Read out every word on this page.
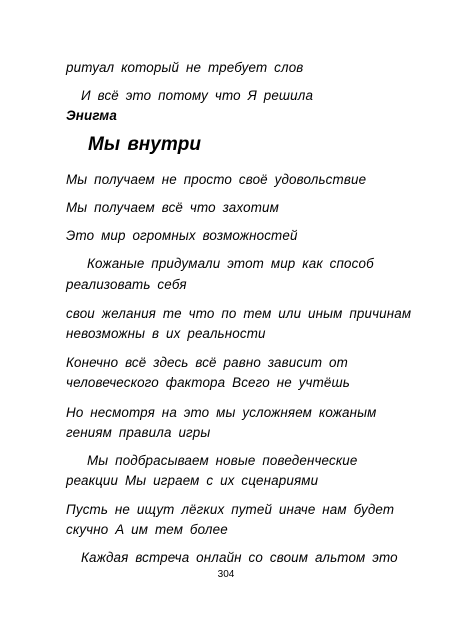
ритуал который не требует слов
И всё это потому что Я решила
Энигма
Мы внутри
Мы получаем не просто своё удовольствие
Мы получаем всё что захотим
Это мир огромных возможностей
Кожаные придумали этот мир как способ
реализовать себя
свои желания те что по тем или иным причинам
невозможны в их реальности
Конечно всё здесь всё равно зависит от
человеческого фактора Всего не учтёшь
Но несмотря на это мы усложняем кожаным
гениям правила игры
Мы подбрасываем новые поведенческие
реакции Мы играем с их сценариями
Пусть не ищут лёгких путей иначе нам будет
скучно А им тем более
Каждая встреча онлайн со своим альтом это
304
